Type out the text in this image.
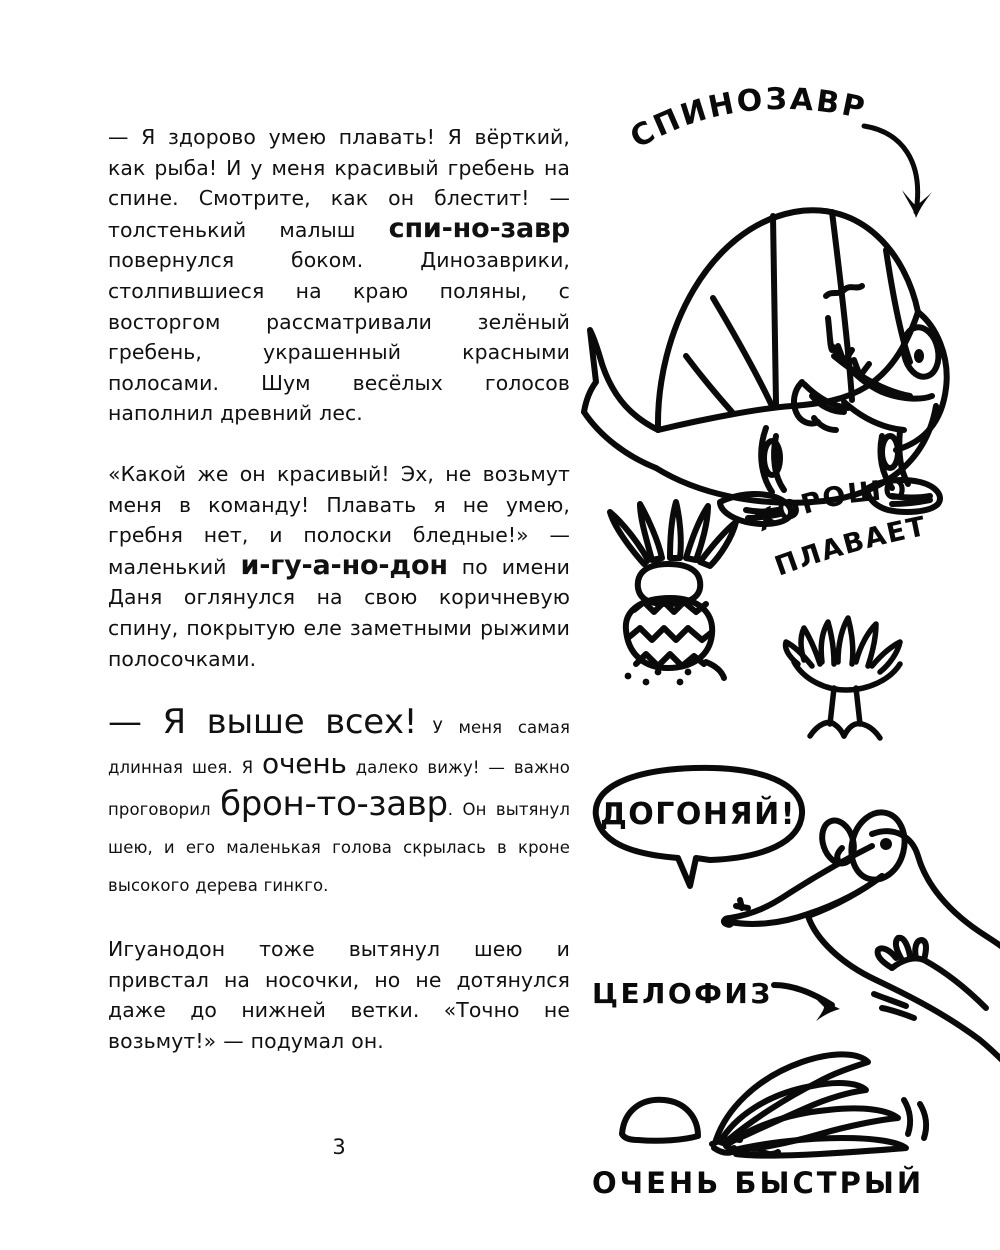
— Я здорово умею плавать! Я вёрткий, как рыба! И у меня красивый гребень на спине. Смотрите, как он блестит! — толстенький малыш спи-но-завр повернулся боком. Динозаврики, столпившиеся на краю поляны, с восторгом рассматривали зелёный гребень, украшенный красными полосами. Шум весёлых голосов наполнил древний лес.

«Какой же он красивый! Эх, не возьмут меня в команду! Плавать я не умею, гребня нет, и полоски бледные!» — маленький и-гу-а-но-дон по имени Даня оглянулся на свою коричневую спину, покрытую еле заметными рыжими полосочками.

— Я выше всех! У меня самая длинная шея. Я очень далеко вижу! — важно проговорил брон-то-завр. Он вытянул шею, и его маленькая голова скрылась в кроне высокого дерева гинкго.

Игуанодон тоже вытянул шею и привстал на носочки, но не дотянулся даже до нижней ветки. «Точно не возьмут!» — подумал он.

3
СПИНОЗАВР
ХОРОШО
ПЛАВАЕТ
ДОГОНЯЙ!
ЦЕЛОФИЗ
ОЧЕНЬ БЫСТРЫЙ
